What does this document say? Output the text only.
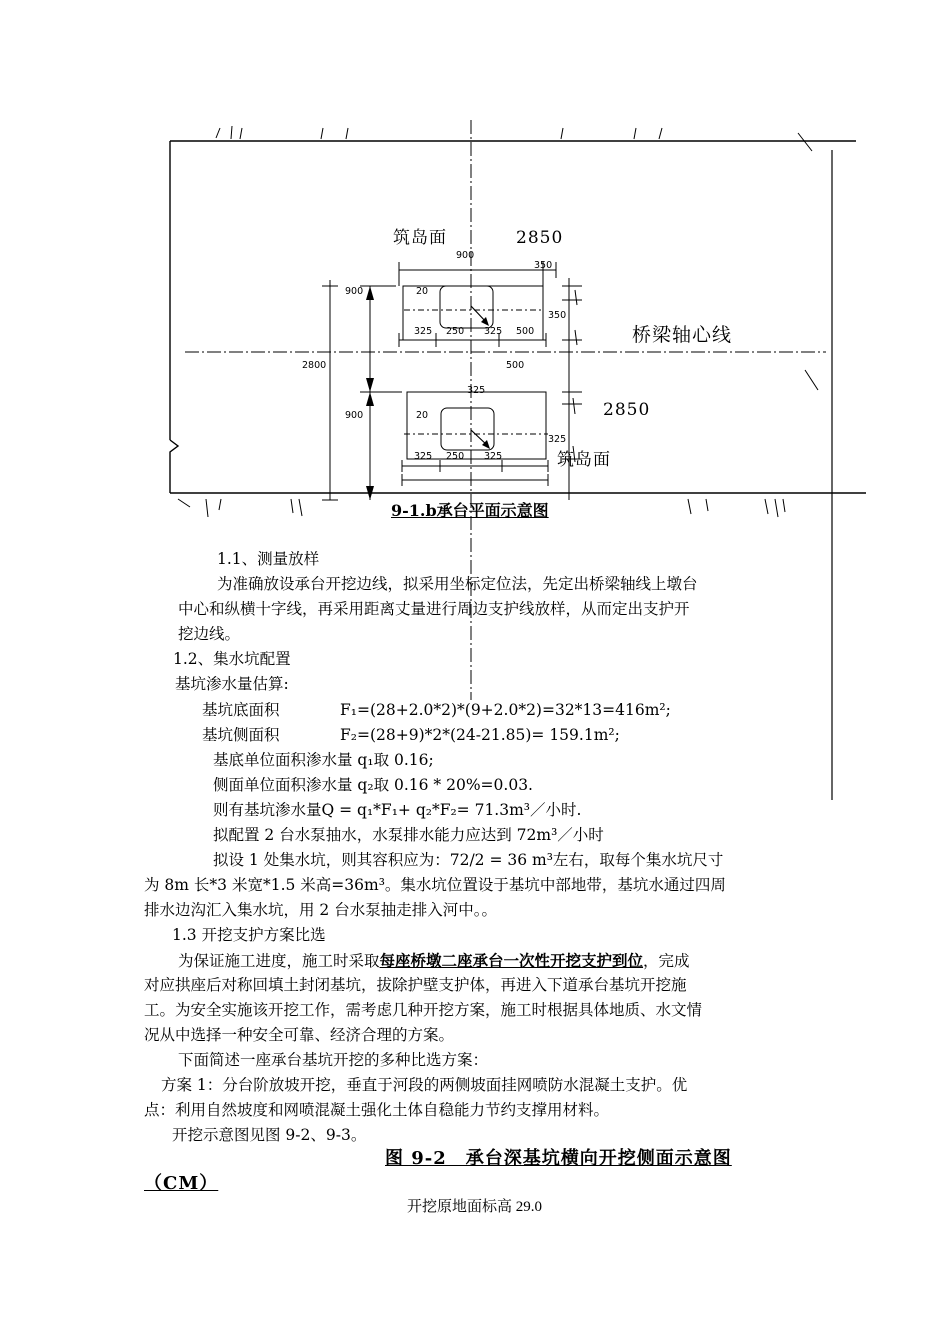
筑岛面	2850
900
350
900	20
350
325 250 325 500	桥梁轴心线
2800	500
325
2850
900	20
325
325 250 325	筑岛面
9-1.b承台平面示意图
1.1、测量放样
为准确放设承台开挖边线，拟采用坐标定位法，先定出桥梁轴线上墩台
中心和纵横十字线，再采用距离丈量进行周边支护线放样，从而定出支护开
挖边线。
1.2、集水坑配置
基坑渗水量估算:
基坑底面积	F₁=(28+2.0*2)*(9+2.0*2)=32*13=416m²;
基坑侧面积	F₂=(28+9)*2*(24-21.85)= 159.1m²;
基底单位面积渗水量 q₁取 0.16;
侧面单位面积渗水量 q₂取 0.16 * 20%=0.03.
则有基坑渗水量Q = q₁*F₁+ q₂*F₂= 71.3m³／小时.
拟配置 2 台水泵抽水，水泵排水能力应达到 72m³／小时
拟设 1 处集水坑，则其容积应为：72/2 = 36 m³左右，取每个集水坑尺寸
为 8m 长*3 米宽*1.5 米高=36m³。集水坑位置设于基坑中部地带，基坑水通过四周
排水边沟汇入集水坑，用 2 台水泵抽走排入河中。。
1.3 开挖支护方案比选
为保证施工进度，施工时采取每座桥墩二座承台一次性开挖支护到位，完成
对应拱座后对称回填土封闭基坑，拔除护壁支护体，再进入下道承台基坑开挖施
工。为安全实施该开挖工作，需考虑几种开挖方案，施工时根据具体地质、水文情
况从中选择一种安全可靠、经济合理的方案。
下面简述一座承台基坑开挖的多种比选方案：
方案 1：分台阶放坡开挖，垂直于河段的两侧坡面挂网喷防水混凝土支护。优
点：利用自然坡度和网喷混凝土强化土体自稳能力节约支撑用材料。
开挖示意图见图 9-2、9-3。
图 9-2　承台深基坑横向开挖侧面示意图
（CM）
开挖原地面标高 29.0
